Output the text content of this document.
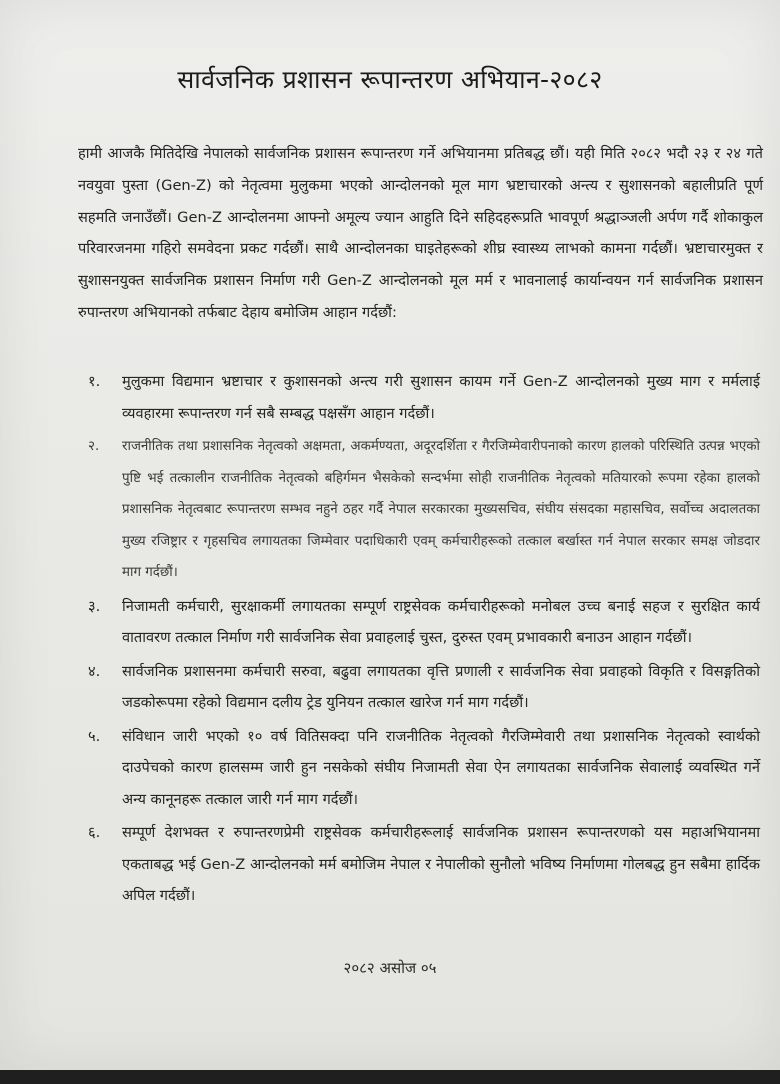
सार्वजनिक प्रशासन रूपान्तरण अभियान-२०८२
हामी आजकै मितिदेखि नेपालको सार्वजनिक प्रशासन रूपान्तरण गर्ने अभियानमा प्रतिबद्ध छौं। यही मिति २०८२ भदौ २३ र २४ गते नवयुवा पुस्ता (Gen-Z) को नेतृत्वमा मुलुकमा भएको आन्दोलनको मूल माग भ्रष्टाचारको अन्त्य र सुशासनको बहालीप्रति पूर्ण सहमति जनाउँछौं। Gen-Z आन्दोलनमा आफ्नो अमूल्य ज्यान आहुति दिने सहिदहरूप्रति भावपूर्ण श्रद्धाञ्जली अर्पण गर्दै शोकाकुल परिवारजनमा गहिरो समवेदना प्रकट गर्दछौं। साथै आन्दोलनका घाइतेहरूको शीघ्र स्वास्थ्य लाभको कामना गर्दछौं। भ्रष्टाचारमुक्त र सुशासनयुक्त सार्वजनिक प्रशासन निर्माण गरी Gen-Z आन्दोलनको मूल मर्म र भावनालाई कार्यान्वयन गर्न सार्वजनिक प्रशासन रुपान्तरण अभियानको तर्फबाट देहाय बमोजिम आहान गर्दछौं:
१.	मुलुकमा विद्यमान भ्रष्टाचार र कुशासनको अन्त्य गरी सुशासन कायम गर्ने Gen-Z आन्दोलनको मुख्य माग र मर्मलाई व्यवहारमा रूपान्तरण गर्न सबै सम्बद्ध पक्षसँग आहान गर्दछौं।
२.	राजनीतिक तथा प्रशासनिक नेतृत्वको अक्षमता, अकर्मण्यता, अदूरदर्शिता र गैरजिम्मेवारीपनाको कारण हालको परिस्थिति उत्पन्न भएको पुष्टि भई तत्कालीन राजनीतिक नेतृत्वको बहिर्गमन भैसकेको सन्दर्भमा सोही राजनीतिक नेतृत्वको मतियारको रूपमा रहेका हालको प्रशासनिक नेतृत्वबाट रूपान्तरण सम्भव नहुने ठहर गर्दै नेपाल सरकारका मुख्यसचिव, संघीय संसदका महासचिव, सर्वोच्च अदालतका मुख्य रजिष्ट्रार र गृहसचिव लगायतका जिम्मेवार पदाधिकारी एवम् कर्मचारीहरूको तत्काल बर्खास्त गर्न नेपाल सरकार समक्ष जोडदार माग गर्दछौं।
३.	निजामती कर्मचारी, सुरक्षाकर्मी लगायतका सम्पूर्ण राष्ट्रसेवक कर्मचारीहरूको मनोबल उच्च बनाई सहज र सुरक्षित कार्य वातावरण तत्काल निर्माण गरी सार्वजनिक सेवा प्रवाहलाई चुस्त, दुरुस्त एवम् प्रभावकारी बनाउन आहान गर्दछौं।
४.	सार्वजनिक प्रशासनमा कर्मचारी सरुवा, बढुवा लगायतका वृत्ति प्रणाली र सार्वजनिक सेवा प्रवाहको विकृति र विसङ्गतिको जडकोरूपमा रहेको विद्यमान दलीय ट्रेड युनियन तत्काल खारेज गर्न माग गर्दछौं।
५.	संविधान जारी भएको १० वर्ष वितिसक्दा पनि राजनीतिक नेतृत्वको गैरजिम्मेवारी तथा प्रशासनिक नेतृत्वको स्वार्थको दाउपेचको कारण हालसम्म जारी हुन नसकेको संघीय निजामती सेवा ऐन लगायतका सार्वजनिक सेवालाई व्यवस्थित गर्ने अन्य कानूनहरू तत्काल जारी गर्न माग गर्दछौं।
६.	सम्पूर्ण देशभक्त र रुपान्तरणप्रेमी राष्ट्रसेवक कर्मचारीहरूलाई सार्वजनिक प्रशासन रूपान्तरणको यस महाअभियानमा एकताबद्ध भई Gen-Z आन्दोलनको मर्म बमोजिम नेपाल र नेपालीको सुनौलो भविष्य निर्माणमा गोलबद्ध हुन सबैमा हार्दिक अपिल गर्दछौं।
२०८२ असोज ०५
